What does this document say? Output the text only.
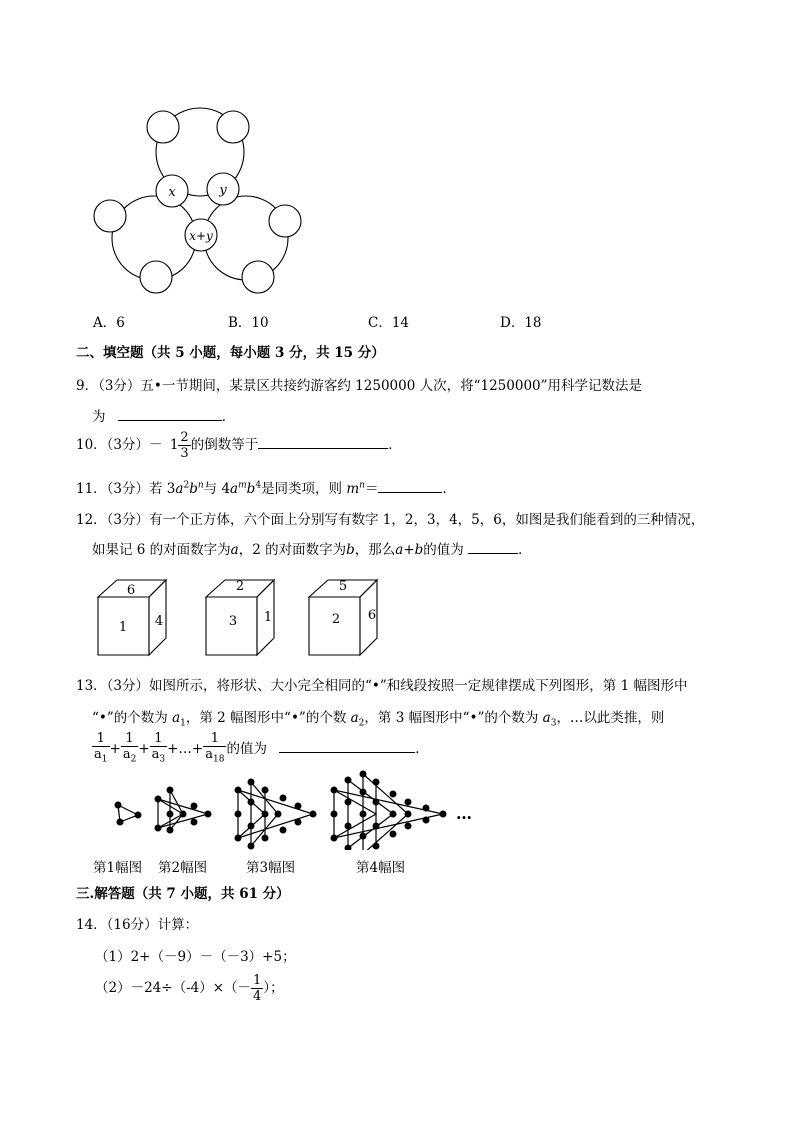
x	y
x+y
A．6	B．10	C．14	D．18
二、填空题（共 5 小题，每小题 3 分，共 15 分）
9．（3分）五•一节期间，某景区共接约游客约 1250000 人次，将“1250000”用科学记数法是
为	．
10．（3分）－ $1 \frac{2}{3}$ 的倒数等于	．
11．（3分）若 $3a^2b^n$与 $4a^mb^4$是同类项，则 $m^n=$	．
12．（3分）有一个正方体，六个面上分别写有数字 1，2，3，4，5，6，如图是我们能看到的三种情况，
如果记 6 的对面数字为a，2 的对面数字为b，那么a+b的值为	．
6
1 4
2
3 1
5
2 6
13．（3分）如图所示，将形状、大小完全相同的“•”和线段按照一定规律摆成下列图形，第 1 幅图形中
“•”的个数为 $a_1$，第 2 幅图形中“•”的个数 $a_2$，第 3 幅图形中“•”的个数为 $a_3$，…以此类推，则
$\frac{1}{a_1} + \frac{1}{a_2} + \frac{1}{a_3}$ +…+ $\frac{1}{a_{18}}$ 的值为	．
…
第1幅图 第2幅图	第3幅图	第4幅图
三.解答题（共 7 小题，共 61 分）
14．（16分）计算：
（1）2+（－9）－（－3）+5；
$(2)-24\div(-4)\times(- \frac{1}{4}$ ）；
